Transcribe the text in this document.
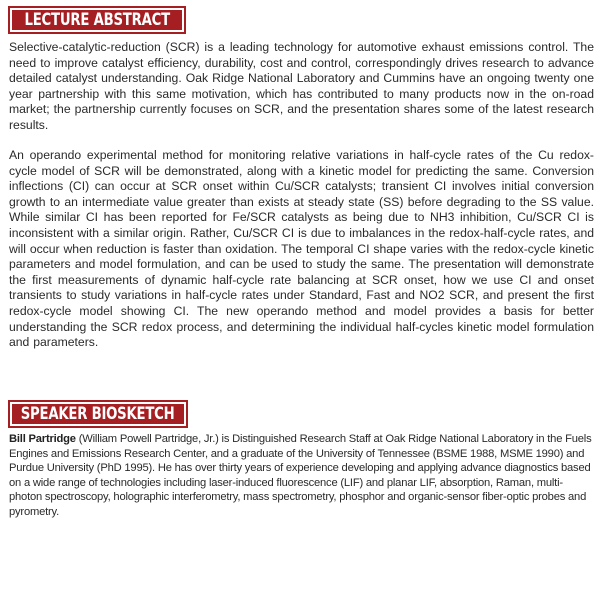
LECTURE ABSTRACT

Selective-catalytic-reduction (SCR) is a leading technology for automotive exhaust emissions control. The need to improve catalyst efficiency, durability, cost and control, correspondingly drives research to advance detailed catalyst understanding. Oak Ridge National Laboratory and Cummins have an ongoing twenty one year partnership with this same motivation, which has contributed to many products now in the on-road market; the partnership currently focuses on SCR, and the presentation shares some of the latest research results.

An operando experimental method for monitoring relative variations in half-cycle rates of the Cu redox-cycle model of SCR will be demonstrated, along with a kinetic model for predicting the same. Conversion inflections (CI) can occur at SCR onset within Cu/SCR catalysts; transient CI involves initial conversion growth to an intermediate value greater than exists at steady state (SS) before degrading to the SS value. While similar CI has been reported for Fe/SCR catalysts as being due to NH3 inhibition, Cu/SCR CI is inconsistent with a similar origin. Rather, Cu/SCR CI is due to imbalances in the redox-half-cycle rates, and will occur when reduction is faster than oxidation. The temporal CI shape varies with the redox-cycle kinetic parameters and model formulation, and can be used to study the same. The presentation will demonstrate the first measurements of dynamic half-cycle rate balancing at SCR onset, how we use CI and onset transients to study variations in half-cycle rates under Standard, Fast and NO2 SCR, and present the first redox-cycle model showing CI. The new operando method and model provides a basis for better understanding the SCR redox process, and determining the individual half-cycles kinetic model formulation and parameters.

SPEAKER BIOSKETCH

Bill Partridge (William Powell Partridge, Jr.) is Distinguished Research Staff at Oak Ridge National Laboratory in the Fuels Engines and Emissions Research Center, and a graduate of the University of Tennessee (BSME 1988, MSME 1990) and Purdue University (PhD 1995). He has over thirty years of experience developing and applying advance diagnostics based on a wide range of technologies including laser-induced fluorescence (LIF) and planar LIF, absorption, Raman, multi-photon spectroscopy, holographic interferometry, mass spectrometry, phosphor and organic-sensor fiber-optic probes and pyrometry.
